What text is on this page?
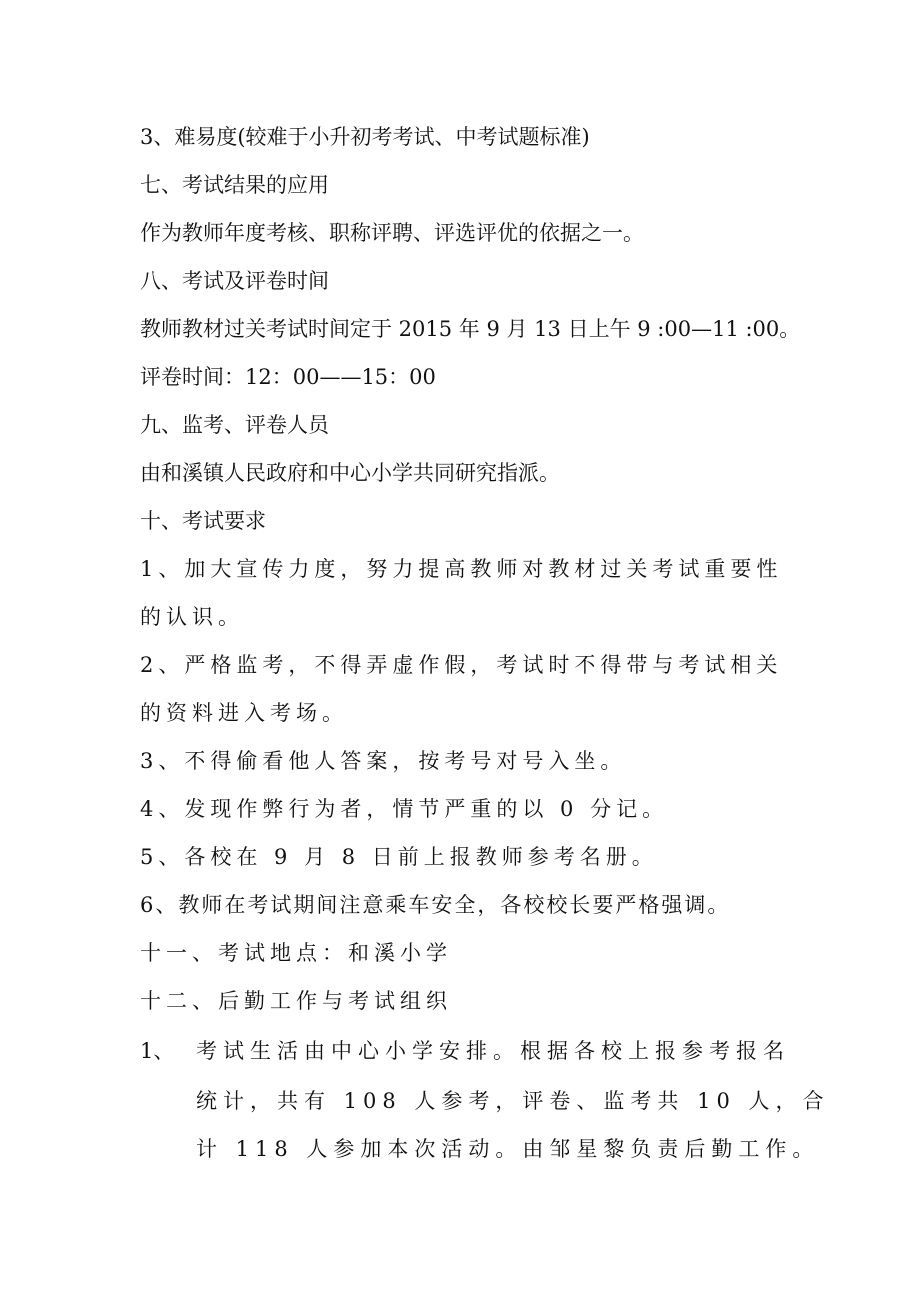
3、难易度(较难于小升初考考试、中考试题标准)
七、考试结果的应用
作为教师年度考核、职称评聘、评选评优的依据之一。
八、考试及评卷时间
教师教材过关考试时间定于 2015 年 9 月 13 日上午 9 :00—11 :00。
评卷时间：12：00——15：00
九、监考、评卷人员
由和溪镇人民政府和中心小学共同研究指派。
十、考试要求
1、加大宣传力度，努力提高教师对教材过关考试重要性
的认识。
2、严格监考，不得弄虚作假，考试时不得带与考试相关
的资料进入考场。
3、不得偷看他人答案，按考号对号入坐。
4、发现作弊行为者，情节严重的以 0 分记。
5、各校在 9 月 8 日前上报教师参考名册。
6、教师在考试期间注意乘车安全，各校校长要严格强调。
十一、考试地点：和溪小学
十二、后勤工作与考试组织
1、 考试生活由中心小学安排。根据各校上报参考报名
统计，共有 108 人参考，评卷、监考共 10 人，合
计 118 人参加本次活动。由邹星黎负责后勤工作。
